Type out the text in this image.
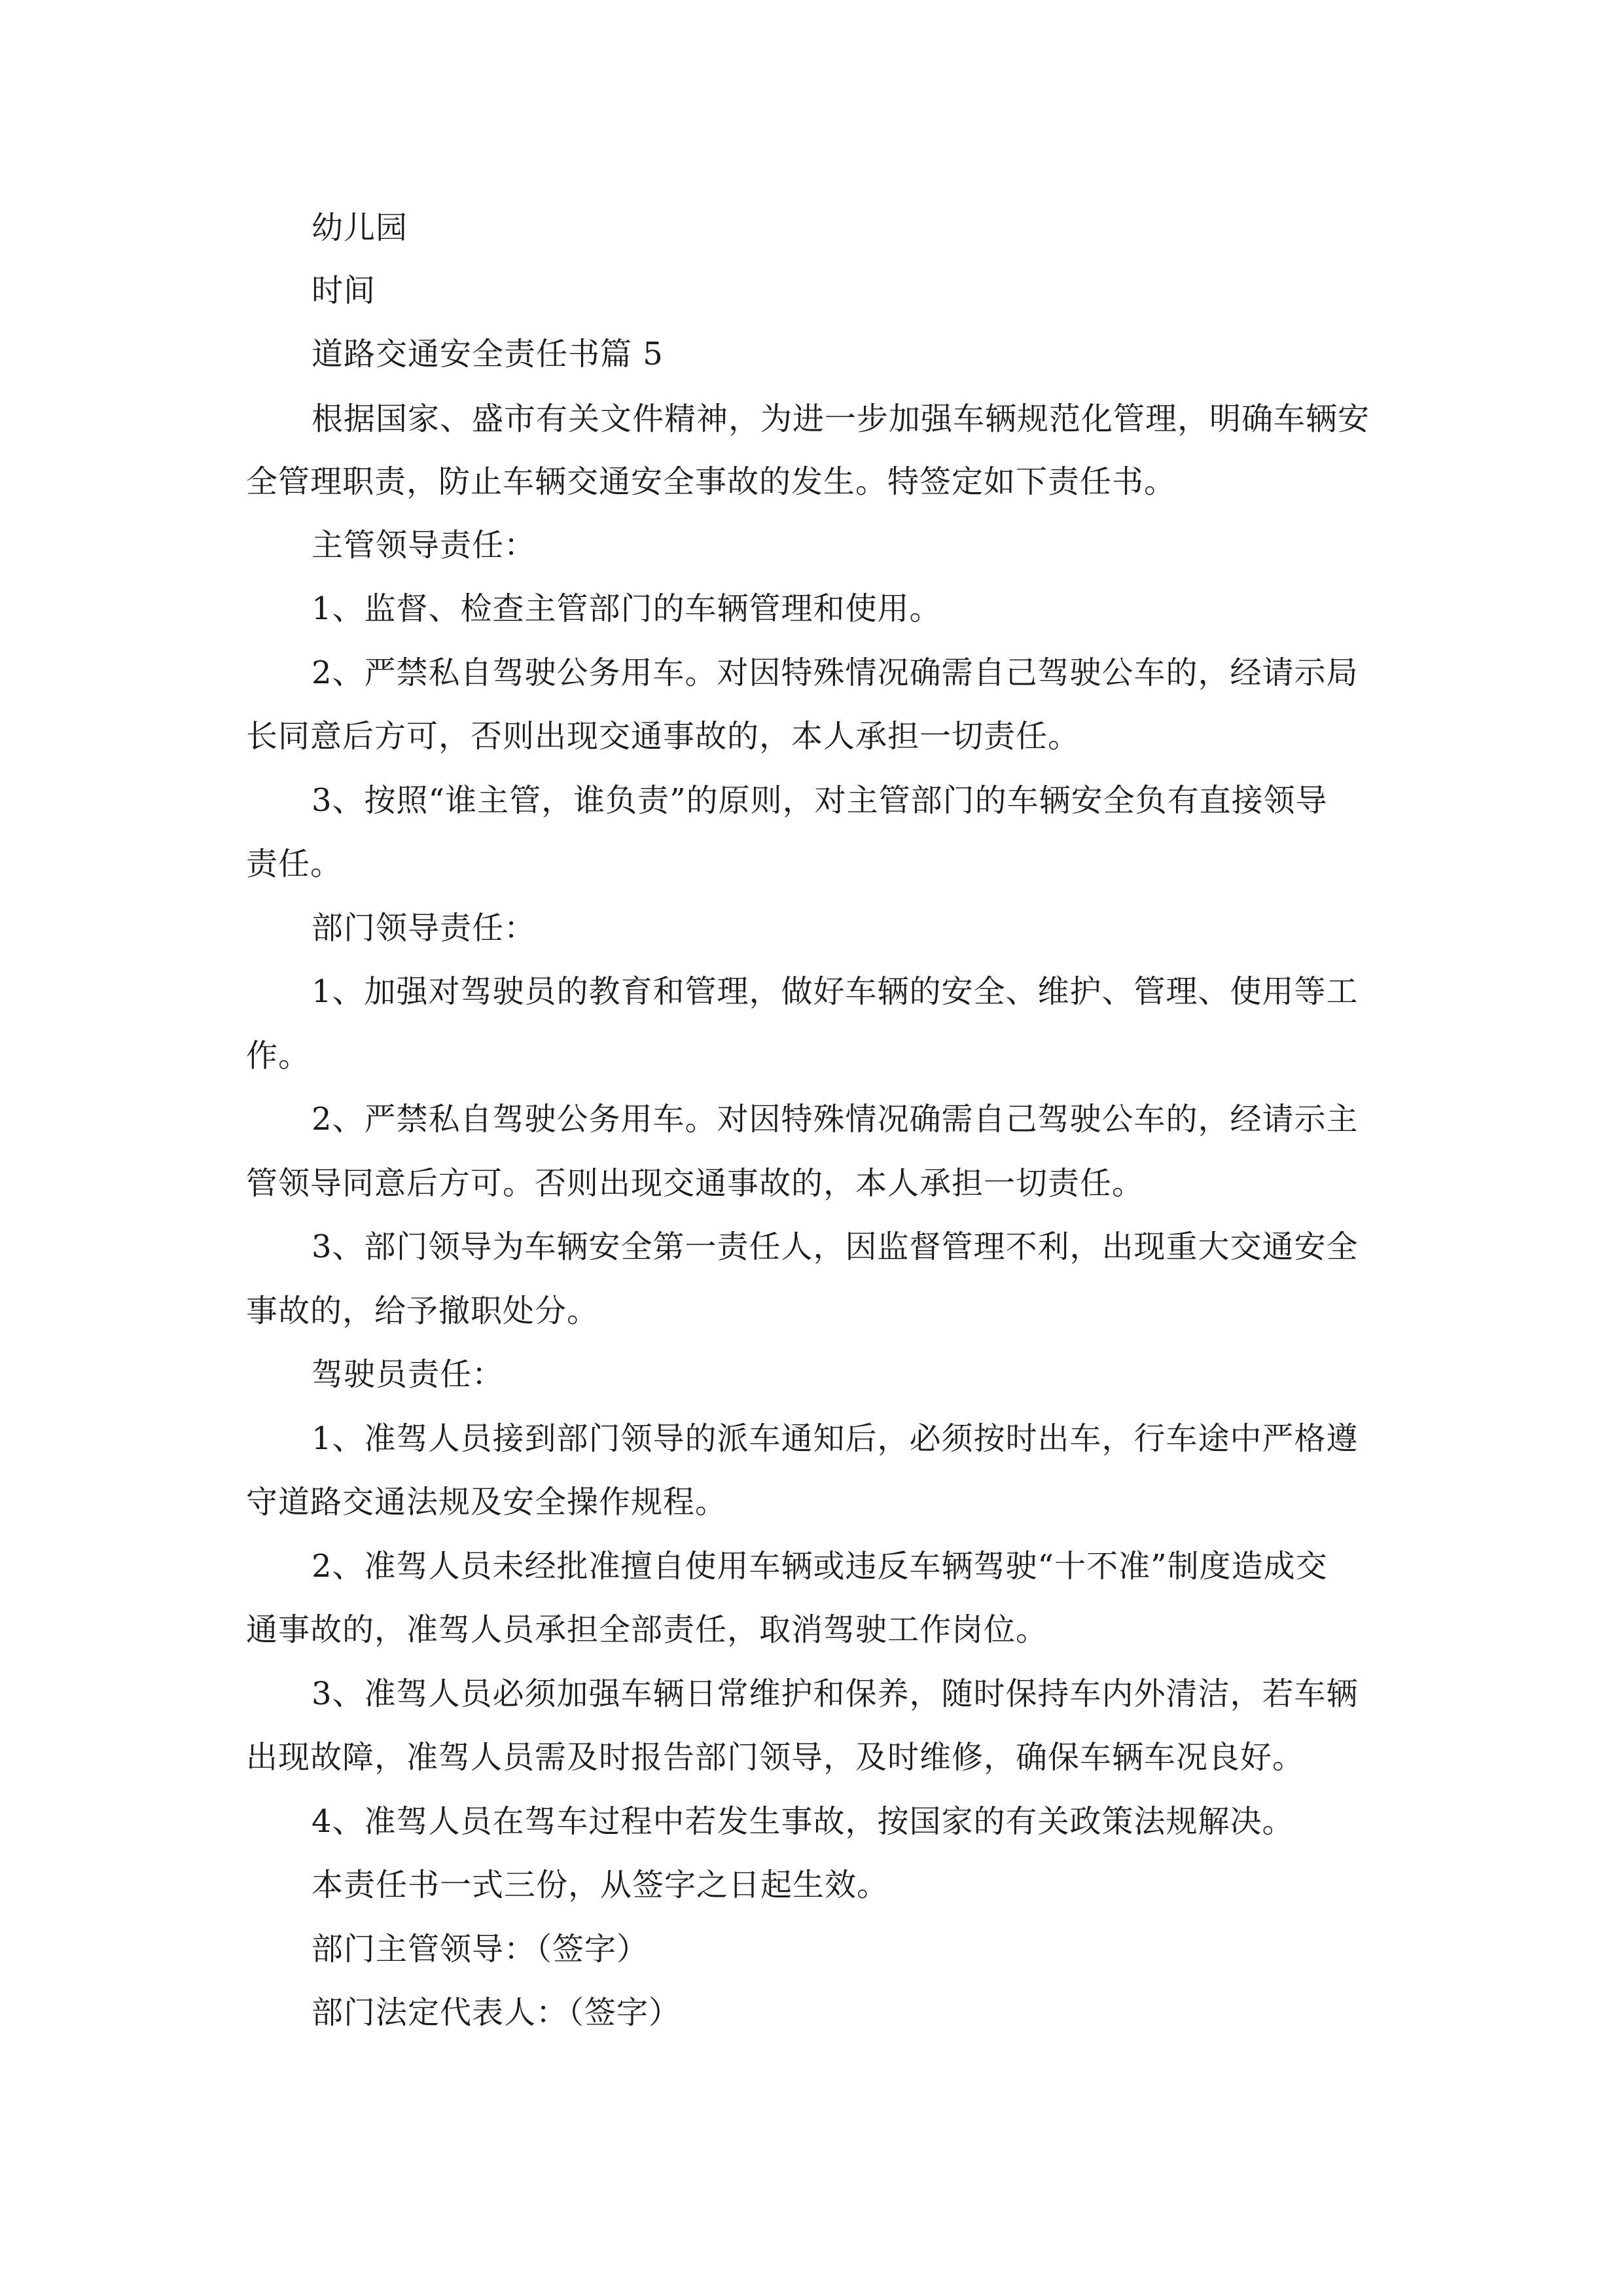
幼儿园
时间
道路交通安全责任书篇 5
根据国家、盛市有关文件精神，为进一步加强车辆规范化管理，明确车辆安
全管理职责，防止车辆交通安全事故的发生。特签定如下责任书。
主管领导责任：
1、监督、检查主管部门的车辆管理和使用。
2、严禁私自驾驶公务用车。对因特殊情况确需自己驾驶公车的，经请示局
长同意后方可，否则出现交通事故的，本人承担一切责任。
3、按照“谁主管，谁负责”的原则，对主管部门的车辆安全负有直接领导
责任。
部门领导责任：
1、加强对驾驶员的教育和管理，做好车辆的安全、维护、管理、使用等工
作。
2、严禁私自驾驶公务用车。对因特殊情况确需自己驾驶公车的，经请示主
管领导同意后方可。否则出现交通事故的，本人承担一切责任。
3、部门领导为车辆安全第一责任人，因监督管理不利，出现重大交通安全
事故的，给予撤职处分。
驾驶员责任：
1、准驾人员接到部门领导的派车通知后，必须按时出车，行车途中严格遵
守道路交通法规及安全操作规程。
2、准驾人员未经批准擅自使用车辆或违反车辆驾驶“十不准”制度造成交
通事故的，准驾人员承担全部责任，取消驾驶工作岗位。
3、准驾人员必须加强车辆日常维护和保养，随时保持车内外清洁，若车辆
出现故障，准驾人员需及时报告部门领导，及时维修，确保车辆车况良好。
4、准驾人员在驾车过程中若发生事故，按国家的有关政策法规解决。
本责任书一式三份，从签字之日起生效。
部门主管领导：（签字）
部门法定代表人：（签字）
